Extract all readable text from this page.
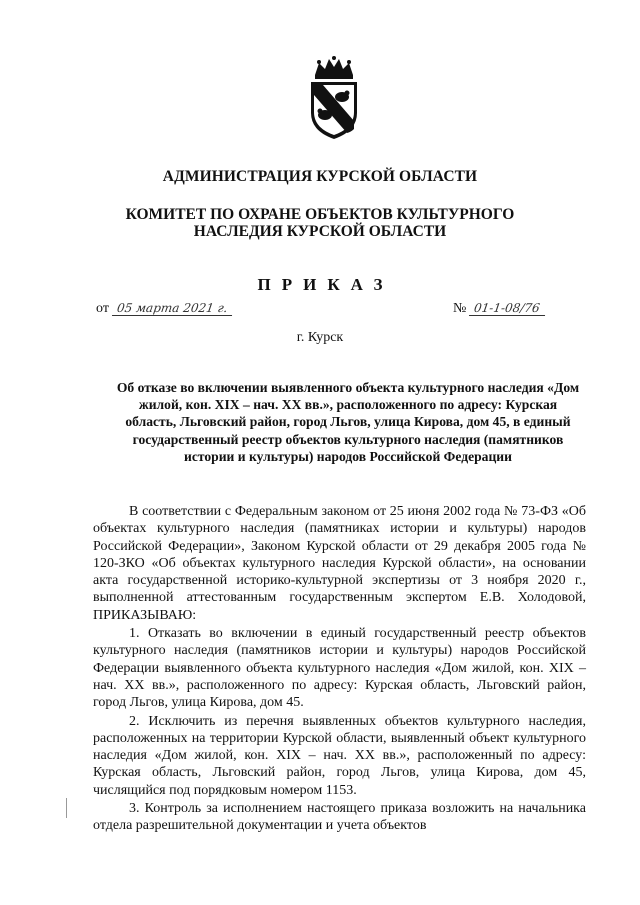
АДМИНИСТРАЦИЯ КУРСКОЙ ОБЛАСТИ
КОМИТЕТ ПО ОХРАНЕ ОБЪЕКТОВ КУЛЬТУРНОГО НАСЛЕДИЯ КУРСКОЙ ОБЛАСТИ
ПРИКАЗ
от 05 марта 2021 г.	№ 01-1-08/76
г. Курск
Об отказе во включении выявленного объекта культурного наследия «Дом жилой, кон. XIX – нач. XX вв.», расположенного по адресу: Курская область, Льговский район, город Льгов, улица Кирова, дом 45, в единый государственный реестр объектов культурного наследия (памятников истории и культуры) народов Российской Федерации

В соответствии с Федеральным законом от 25 июня 2002 года № 73-ФЗ «Об объектах культурного наследия (памятниках истории и культуры) народов Российской Федерации», Законом Курской области от 29 декабря 2005 года № 120-ЗКО «Об объектах культурного наследия Курской области», на основании акта государственной историко-культурной экспертизы от 3 ноября 2020 г., выполненной аттестованным государственным экспертом Е.В. Холодовой, ПРИКАЗЫВАЮ:

1. Отказать во включении в единый государственный реестр объектов культурного наследия (памятников истории и культуры) народов Российской Федерации выявленного объекта культурного наследия «Дом жилой, кон. XIX – нач. XX вв.», расположенного по адресу: Курская область, Льговский район, город Льгов, улица Кирова, дом 45.

2. Исключить из перечня выявленных объектов культурного наследия, расположенных на территории Курской области, выявленный объект культурного наследия «Дом жилой, кон. XIX – нач. XX вв.», расположенный по адресу: Курская область, Льговский район, город Льгов, улица Кирова, дом 45, числящийся под порядковым номером 1153.

3. Контроль за исполнением настоящего приказа возложить на начальника отдела разрешительной документации и учета объектов
